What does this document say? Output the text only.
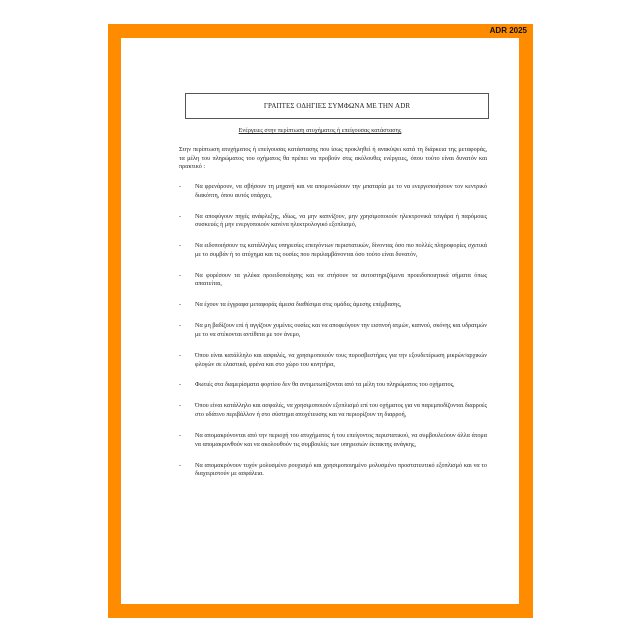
ADR 2025
ΓΡΑΠΤΕΣ ΟΔΗΓΙΕΣ ΣΥΜΦΩΝΑ ΜΕ ΤΗΝ ADR
Ενέργειες στην περίπτωση ατυχήματος ή επείγουσας κατάστασης
Στην περίπτωση ατυχήματος ή επείγουσας κατάστασης που ίσως προκληθεί ή ανακύψει κατά τη διάρκεια της μεταφοράς, τα μέλη του πληρώματος του οχήματος θα πρέπει να προβούν στις ακόλουθες ενέργειες, όπου τούτο είναι δυνατόν και πρακτικό :
- Να φρενάρουν, να σβήσουν τη μηχανή και να απομονώσουν την μπαταρία με το να ενεργοποιήσουν τον κεντρικό διακόπτη, όπου αυτός υπάρχει,
- Να αποφύγουν πηγές ανάφλεξης, ιδίως, να μην καπνίζουν, μην χρησιμοποιούν ηλεκτρονικά τσιγάρα ή παρόμοιες συσκευές ή μην ενεργοποιούν κανένα ηλεκτρολογικό εξοπλισμό,
- Να ειδοποιήσουν τις κατάλληλες υπηρεσίες επειγόντων περιστατικών, δίνοντας όσο πιο πολλές πληροφορίες σχετικά με το συμβάν ή το ατύχημα και τις ουσίες που περιλαμβάνονται όσο τούτο είναι δυνατόν,
- Να φορέσουν τα γιλέκα προειδοποίησης και να στήσουν τα αυτοστηριζόμενα προειδοποιητικά σήματα όπως απαιτείται,
- Να έχουν τα έγγραφα μεταφοράς άμεσα διαθέσιμα στις ομάδες άμεσης επέμβασης,
- Να μη βαδίζουν επί ή αγγίζουν χυμένες ουσίες και να αποφεύγουν την εισπνοή ατμών, καπνού, σκόνης και υδρατμών με το να στέκονται αντίθετα με τον άνεμο,
- Όπου είναι κατάλληλο και ασφαλές, να χρησιμοποιούν τους πυροσβεστήρες για την εξουδετέρωση μικρών/αρχικών φλογών σε ελαστικά, φρένα και στο χώρο του κινητήρα,
- Φωτιές στα διαμερίσματα φορτίου δεν θα αντιμετωπίζονται από τα μέλη του πληρώματος του οχήματος,
- Όπου είναι κατάλληλο και ασφαλές, να χρησιμοποιούν εξοπλισμό επί του οχήματος για να παρεμποδίζονται διαρροές στο υδάτινο περιβάλλον ή στο σύστημα αποχέτευσης και να περιορίζουν τη διαρροή,
- Να απομακρύνονται από την περιοχή του ατυχήματος ή του επείγοντος περιστατικού, να συμβουλεύουν άλλα άτομα να απομακρυνθούν και να ακολουθούν τις συμβουλές των υπηρεσιών έκτακτης ανάγκης,
- Να απομακρύνουν τυχόν μολυσμένο ρουχισμό και χρησιμοποιημένο μολυσμένο προστατευτικό εξοπλισμό και να το διαχειριστούν με ασφάλεια.
